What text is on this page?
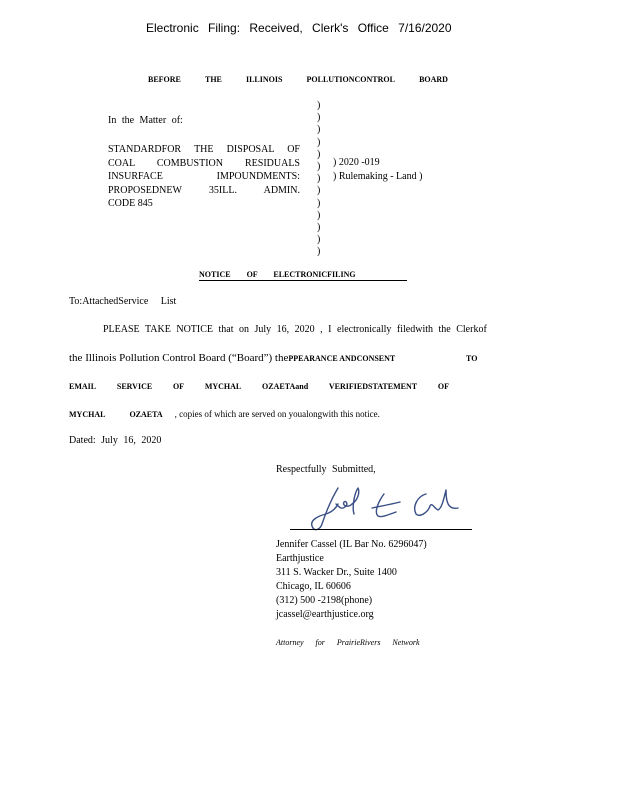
Electronic Filing: Received, Clerk's Office 7/16/2020
BEFORE	THE	ILLINOIS	POLLUTIONCONTROL	BOARD
In the Matter of:
STANDARDFOR THE DISPOSAL OF
COAL COMBUSTION RESIDUALS
INSURFACE IMPOUNDMENTS:
PROPOSEDNEW 35ILL. ADMIN.
CODE 845
)
)
)
)
)
)
)
)
)
)
)
)
)
) 2020 -019
) Rulemaking - Land )
NOTICE OF ELECTRONICFILING
To:AttachedService List
PLEASE TAKE NOTICE that on July 16, 2020 , I electronically filedwith the Clerkof
the Illinois Pollution Control Board (“Board”) thePPEARANCE ANDCONSENT	TO
EMAIL	SERVICE	OF	MYCHAL	OZAETAand	VERIFIEDSTATEMENT	OF
MYCHAL	OZAETA , copies of which are served on youalongwith this notice.
Dated: July 16, 2020
Respectfully Submitted,
Jennifer Cassel (IL Bar No. 6296047)
Earthjustice
311 S. Wacker Dr., Suite 1400
Chicago, IL 60606
(312) 500 -2198(phone)
jcassel@earthjustice.org
Attorney for PrairieRivers Network
